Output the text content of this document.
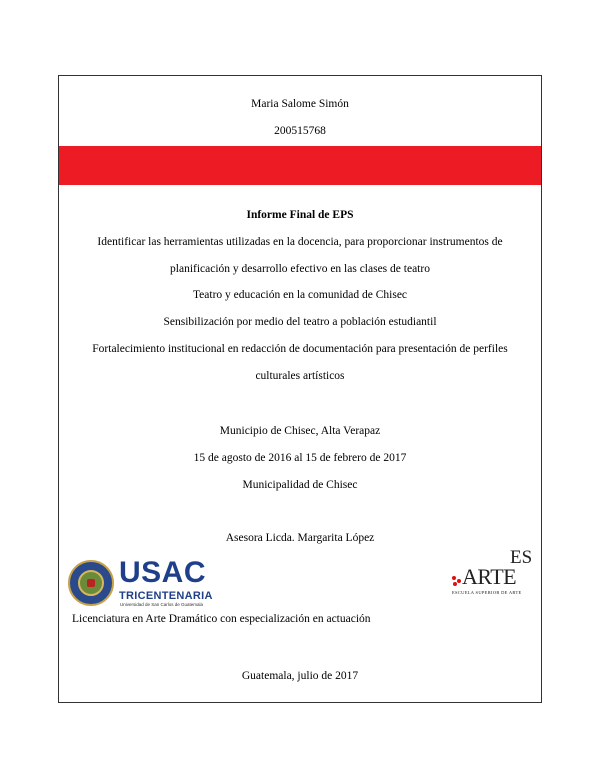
Maria Salome Simón
200515768
Informe Final de EPS
Identificar las herramientas utilizadas en la docencia, para proporcionar instrumentos de
planificación y desarrollo efectivo en las clases de teatro
Teatro y educación en la comunidad de Chisec
Sensibilización por medio del teatro a población estudiantil
Fortalecimiento institucional en redacción de documentación para presentación de perfiles
culturales artísticos
Municipio de Chisec, Alta Verapaz
15 de agosto de 2016 al 15 de febrero de 2017
Municipalidad de Chisec
Asesora Licda. Margarita López
USAC
TRICENTENARIA
Universidad de San Carlos de Guatemala
ES
ARTE
ESCUELA SUPERIOR DE ARTE
Licenciatura en Arte Dramático con especialización en actuación
Guatemala, julio de 2017
